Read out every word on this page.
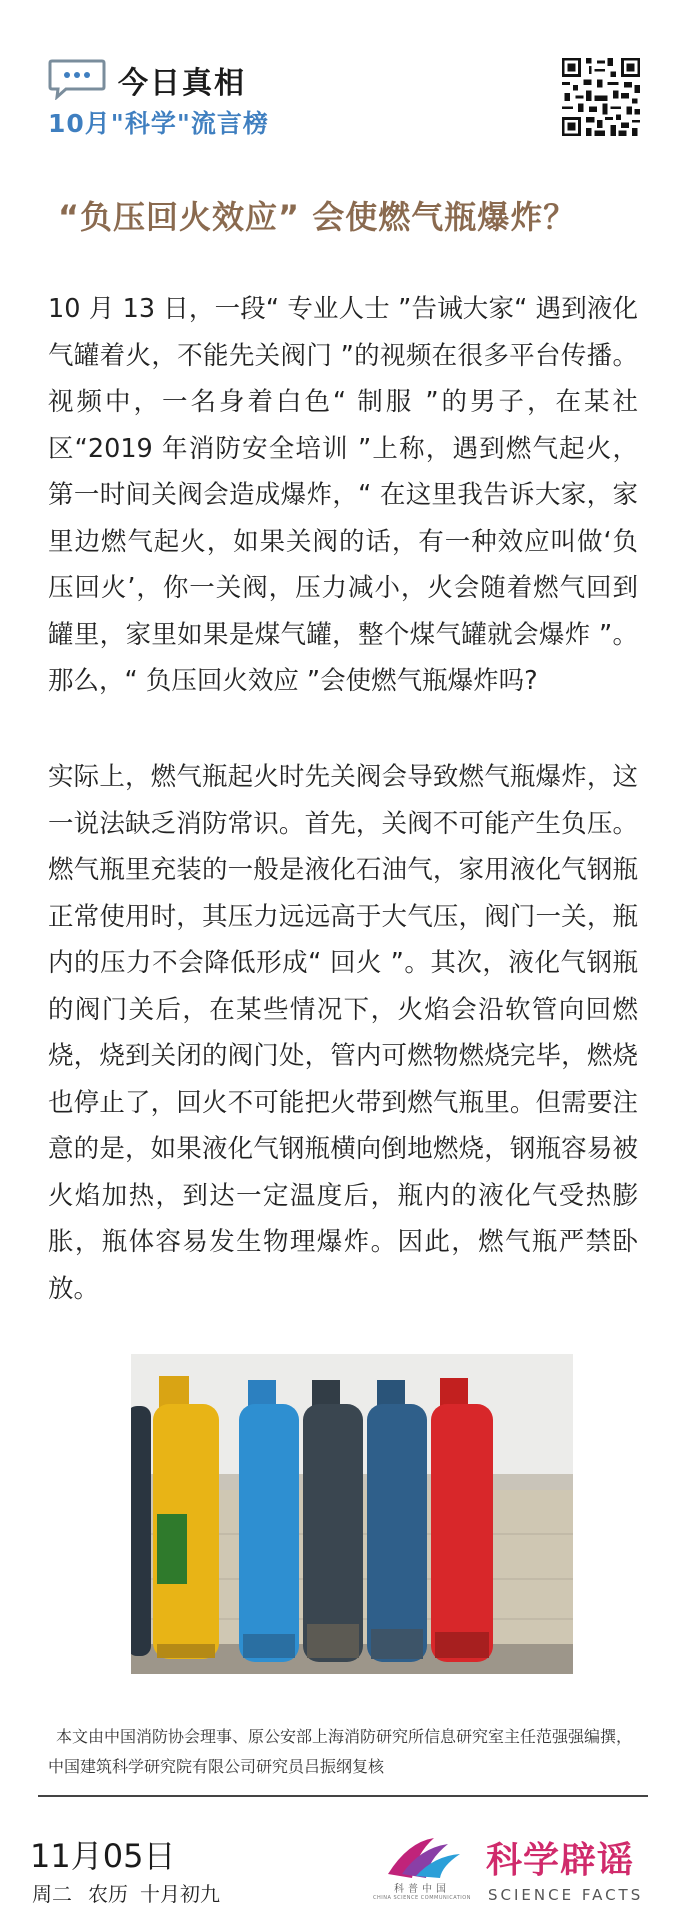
今日真相
10月"科学"流言榜
“负压回火效应” 会使燃气瓶爆炸？

10 月 13 日，一段“ 专业人士 ”告诫大家“ 遇到液化气罐着火，不能先关阀门 ”的视频在很多平台传播。视频中，一名身着白色“ 制服 ”的男子，在某社区“2019 年消防安全培训 ”上称，遇到燃气起火，第一时间关阀会造成爆炸，“ 在这里我告诉大家，家里边燃气起火，如果关阀的话，有一种效应叫做‘负压回火’，你一关阀，压力减小，火会随着燃气回到罐里，家里如果是煤气罐，整个煤气罐就会爆炸 ”。那么，“ 负压回火效应 ”会使燃气瓶爆炸吗?

实际上，燃气瓶起火时先关阀会导致燃气瓶爆炸，这一说法缺乏消防常识。首先，关阀不可能产生负压。燃气瓶里充装的一般是液化石油气，家用液化气钢瓶正常使用时，其压力远远高于大气压，阀门一关，瓶内的压力不会降低形成“ 回火 ”。其次，液化气钢瓶的阀门关后，在某些情况下，火焰会沿软管向回燃烧，烧到关闭的阀门处，管内可燃物燃烧完毕，燃烧也停止了，回火不可能把火带到燃气瓶里。但需要注意的是，如果液化气钢瓶横向倒地燃烧，钢瓶容易被火焰加热，到达一定温度后，瓶内的液化气受热膨胀，瓶体容易发生物理爆炸。因此，燃气瓶严禁卧放。

本文由中国消防协会理事、原公安部上海消防研究所信息研究室主任范强强编撰，中国建筑科学研究院有限公司研究员吕振纲复核

11月05日
周二 农历 十月初九	科普中国
CHINA SCIENCE COMMUNICATION
科学辟谣
SCIENCE FACTS
